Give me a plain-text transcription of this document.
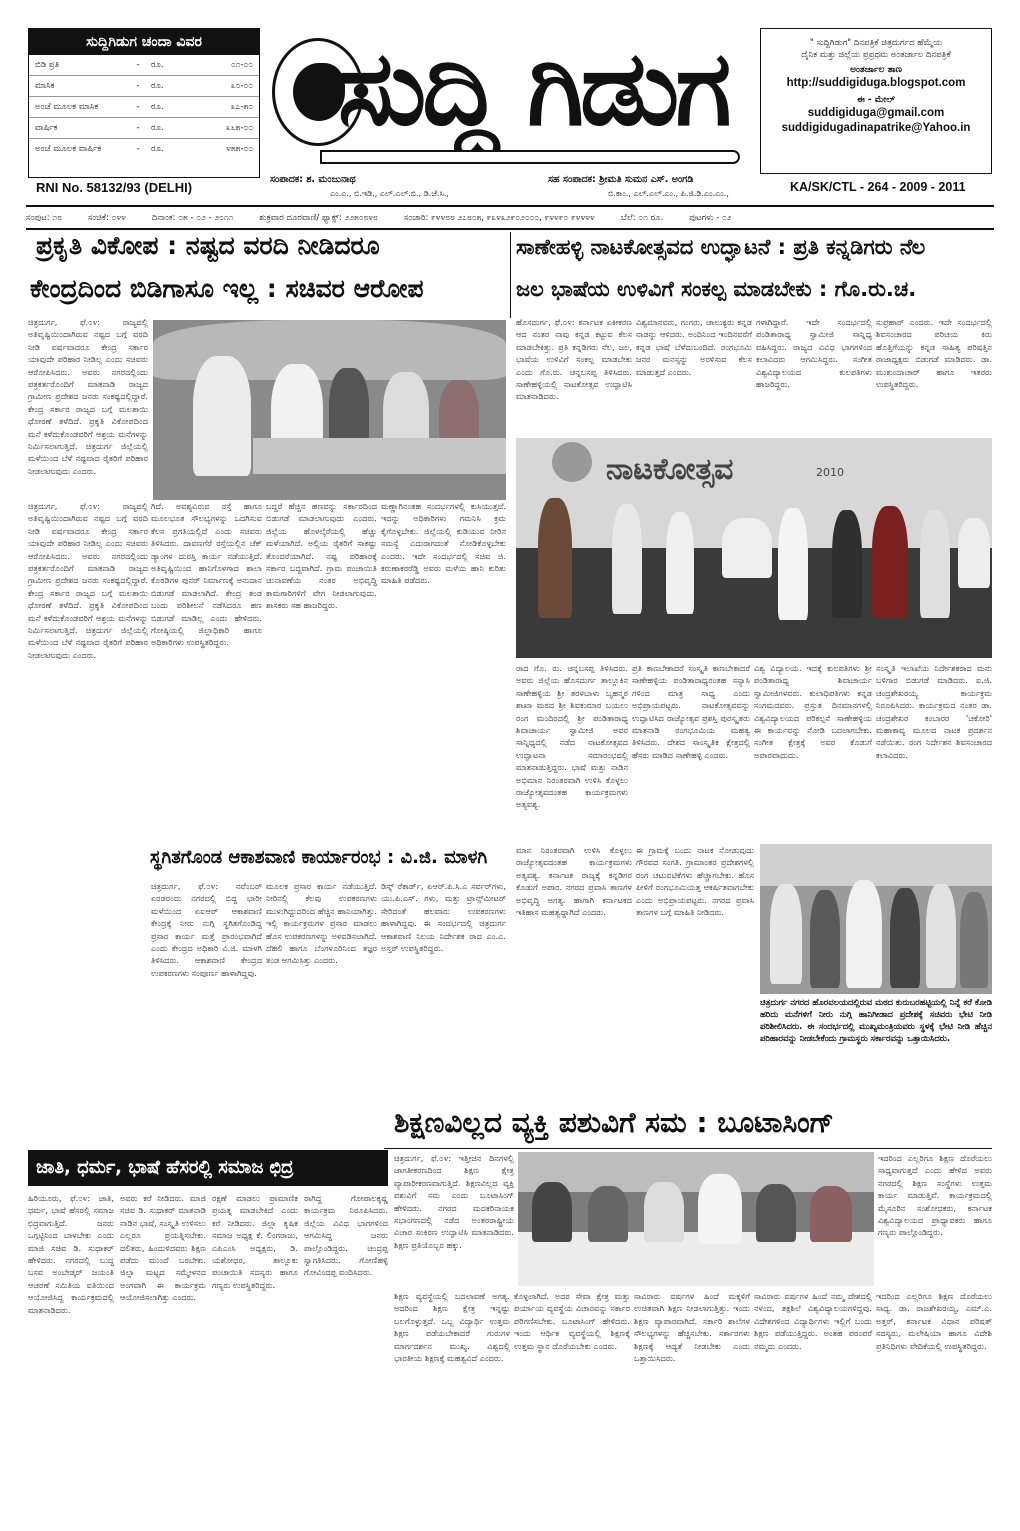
ಸುದ್ದಿಗಿಡುಗ ಚಂದಾ ವಿವರ
ಬಿಡಿ ಪ್ರತಿ	-	ರೂ.	೦೧-೦೦
ಮಾಸಿಕ	-	ರೂ.	೩೦-೦೦
ಅಂಚೆ ಮೂಲಕ ಮಾಸಿಕ	-	ರೂ.	೩೭-೫೦
ವಾರ್ಷಿಕ	-	ರೂ.	೩೬೫-೦೦
ಅಂಚೆ ಮೂಲಕ ವಾರ್ಷಿಕ	-	ರೂ.	೪೫೫-೦೦ ಸುದ್ದಿ ಗಿಡುಗ	" ಸುದ್ದಿಗಿಡುಗ" ದಿನಪತ್ರಿಕೆ ಚಿತ್ರದುರ್ಗದ ಹೆಮ್ಮೆಯ
ದೈನಿಕ ಮತ್ತು ಜಿಲ್ಲೆಯ ಪ್ರಪ್ರಥಮ ಅಂತರ್ಜಾಲ ದಿನಪತ್ರಿಕೆ
ಅಂತರ್ಜಾಲ ತಾಣ
http://suddigiduga.blogspot.com
ಈ - ಮೇಲ್
suddigiduga@gmail.com
suddigidugadinapatrike@Yahoo.in
RNI No. 58132/93 (DELHI)
ಸಂಪಾದಕ: ಶ. ಮಂಜುನಾಥ
ಎಂ.ಎ., ಬಿ.ಇಡಿ., ಎಲ್.ಎಲ್.ಬಿ., ಡಿ.ಜೆ.ಸಿ.,
ಸಹ ಸಂಪಾದಕ: ಶ್ರೀಮತಿ ಸುಮನ ಎಸ್. ಅಂಗಡಿ
ಬಿ.ಕಾಂ., ಎಲ್.ಎಲ್.ಎಂ., ಪಿ.ಜಿ.ಡಿ.ಎಂ.ಎಂ.,	KA/SK/CTL - 264 - 2009 - 2011
ಸಂಪುಟ: ೧೮	ಸಂಚಿಕೆ: ೦೪೪	ದಿನಾಂಕ: ೦೫ - ೦೨ - ೨೦೧೧	ಶುಕ್ರವಾರ ದೂರವಾಣಿ/ ಫ್ಯಾಕ್ಸ್: ೨೨೫೦೮೪೮	ಸಂಚಾರಿ: ೯೪೪೮೮ ೨೭೮೦೫, ೯೩೪೩೨೯೦೨೦೦೦, ೯೪೪೯೦ ೯೪೪೪೪	ಬೆಲೆ: ೦೧ ರೂ.	ಪುಟಗಳು - ೦೨
ಪ್ರಕೃತಿ ವಿಕೋಪ : ನಷ್ಟದ ವರದಿ ನೀಡಿದರೂ
ಕೇಂದ್ರದಿಂದ ಬಿಡಿಗಾಸೂ ಇಲ್ಲ : ಸಚಿವರ ಆರೋಪ
ಸಾಣೇಹಳ್ಳಿ ನಾಟಕೋತ್ಸವದ ಉದ್ಘಾಟನೆ : ಪ್ರತಿ ಕನ್ನಡಿಗರು ನೆಲ
ಜಲ ಭಾಷೆಯ ಉಳಿವಿಗೆ ಸಂಕಲ್ಪ ಮಾಡಬೇಕು : ಗೊ.ರು.ಚ.
ಚಿತ್ರದುರ್ಗ, ಫೆ.೦೪: ರಾಜ್ಯದಲ್ಲಿ ಅತಿವೃಷ್ಟಿಯಿಂದಾಗಿರುವ ನಷ್ಟದ ಬಗ್ಗೆ ವರದಿ ನೀಡಿ ವರ್ಷವಾದರೂ ಕೇಂದ್ರ ಸರ್ಕಾರ ಯಾವುದೇ ಪರಿಹಾರ ನೀಡಿಲ್ಲ ಎಂದು ಸಚಿವರು ಆರೋಪಿಸಿದರು. ಅವರು ನಗರದಲ್ಲಿಂದು ಪತ್ರಕರ್ತರೊಂದಿಗೆ ಮಾತನಾಡಿ ರಾಜ್ಯದ ಗ್ರಾಮೀಣ ಪ್ರದೇಶದ ಜನರು ಸಂಕಷ್ಟದಲ್ಲಿದ್ದಾರೆ. ಕೇಂದ್ರ ಸರ್ಕಾರ ರಾಜ್ಯದ ಬಗ್ಗೆ ಮಲತಾಯಿ ಧೋರಣೆ ತಳೆದಿದೆ. ಪ್ರಕೃತಿ ವಿಕೋಪದಿಂದ ಮನೆ ಕಳೆದುಕೊಂಡವರಿಗೆ ಆಶ್ರಯ ಮನೆಗಳನ್ನು ನಿರ್ಮಿಸಲಾಗುತ್ತಿದೆ. ಚಿತ್ರದುರ್ಗ ಜಿಲ್ಲೆಯಲ್ಲಿ ಮಳೆಯಿಂದ ಬೆಳೆ ನಷ್ಟವಾದ ರೈತರಿಗೆ ಪರಿಹಾರ ನೀಡಲಾಗುವುದು ಎಂದರು.
ಚಿತ್ರದುರ್ಗ, ಫೆ.೦೪: ರಾಜ್ಯದಲ್ಲಿ ಅತಿವೃಷ್ಟಿಯಿಂದಾಗಿರುವ ನಷ್ಟದ ಬಗ್ಗೆ ವರದಿ ನೀಡಿ ವರ್ಷವಾದರೂ ಕೇಂದ್ರ ಸರ್ಕಾರ ಯಾವುದೇ ಪರಿಹಾರ ನೀಡಿಲ್ಲ ಎಂದು ಸಚಿವರು ಆರೋಪಿಸಿದರು. ಅವರು ನಗರದಲ್ಲಿಂದು ಪತ್ರಕರ್ತರೊಂದಿಗೆ ಮಾತನಾಡಿ ರಾಜ್ಯದ ಗ್ರಾಮೀಣ ಪ್ರದೇಶದ ಜನರು ಸಂಕಷ್ಟದಲ್ಲಿದ್ದಾರೆ. ಕೇಂದ್ರ ಸರ್ಕಾರ ರಾಜ್ಯದ ಬಗ್ಗೆ ಮಲತಾಯಿ ಧೋರಣೆ ತಳೆದಿದೆ. ಪ್ರಕೃತಿ ವಿಕೋಪದಿಂದ ಮನೆ ಕಳೆದುಕೊಂಡವರಿಗೆ ಆಶ್ರಯ ಮನೆಗಳನ್ನು ನಿರ್ಮಿಸಲಾಗುತ್ತಿದೆ. ಚಿತ್ರದುರ್ಗ ಜಿಲ್ಲೆಯಲ್ಲಿ ಮಳೆಯಿಂದ ಬೆಳೆ ನಷ್ಟವಾದ ರೈತರಿಗೆ ಪರಿಹಾರ ನೀಡಲಾಗುವುದು ಎಂದರು.
ಗಿದೆ. ಅವಶ್ಯವಿರುವ ರಸ್ತೆ ಹಾಗೂ ಮೂಲಭೂತ ಸೌಲಭ್ಯಗಳನ್ನು ಒದಗಿಸುವ ಕೆಲಸ ಪ್ರಗತಿಯಲ್ಲಿದೆ ಎಂದು ಸಚಿವರು ತಿಳಿಸಿದರು. ದಾವಣಗೆರೆ ರಸ್ತೆಯಲ್ಲಿನ ಚೆಕ್ ಡ್ಯಾಂಗಳ ದುರಸ್ತಿ ಕಾರ್ಯ ನಡೆಯುತ್ತಿದೆ. ಅತಿವೃಷ್ಟಿಯಿಂದ ಹಾನಿಗೊಳಗಾದ ಶಾಲಾ ಕೊಠಡಿಗಳ ಪುನರ್ ನಿರ್ಮಾಣಕ್ಕೆ ಅನುದಾನ ಬಿಡುಗಡೆ ಮಾಡಲಾಗಿದೆ. ಕೇಂದ್ರ ತಂಡ ಬಂದು ಪರಿಶೀಲನೆ ನಡೆಸಿದರೂ ಹಣ ಬಿಡುಗಡೆ ಮಾಡಿಲ್ಲ ಎಂದು ಹೇಳಿದರು. ಗೋಷ್ಠಿಯಲ್ಲಿ ಜಿಲ್ಲಾಧಿಕಾರಿ ಹಾಗೂ ಅಧಿಕಾರಿಗಳು ಉಪಸ್ಥಿತರಿದ್ದರು.
ಬದ್ದರೆ ಹೆಚ್ಚಿನ ಹಣವನ್ನು ಸರ್ಕಾರದಿಂದ ಬಿಡುಗಡೆ ಮಾಡಲಾಗುವುದು ಎಂದರು. ಜಿಲ್ಲೆಯ ಹೊಳಲ್ಕೆರೆಯಲ್ಲಿ ಹೆಚ್ಚು ಮಳೆಯಾಗಿದೆ. ಅಲ್ಲಿಯ ರೈತರಿಗೆ ಸಾಕಷ್ಟು ತೊಂದರೆಯಾಗಿದೆ. ನಷ್ಟ ಪರಿಹಾರಕ್ಕೆ ಸರ್ಕಾರ ಬದ್ಧವಾಗಿದೆ. ಗ್ರಾಮ ಪಂಚಾಯಿತಿ ಚುನಾವಣೆಯ ನಂತರ ಅಭಿವೃದ್ಧಿ ಕಾಮಗಾರಿಗಳಿಗೆ ವೇಗ ನೀಡಲಾಗುವುದು. ಶಾಸಕರು ಸಹ ಹಾಜರಿದ್ದರು.
ಮಣ್ಣಾಗಿನಂತಹ ಸಂದರ್ಭಗಳಲ್ಲಿ ಕುಸಿಯುತ್ತದೆ. ಇದನ್ನು ಅಧಿಕಾರಿಗಳು ಗಮನಿಸಿ ಕ್ರಮ ಕೈಗೊಳ್ಳಬೇಕು. ಜಿಲ್ಲೆಯಲ್ಲಿ ಕುಡಿಯುವ ನೀರಿನ ಸಮಸ್ಯೆ ಎದುರಾಗದಂತೆ ನೋಡಿಕೊಳ್ಳಬೇಕು ಎಂದರು. ಇದೇ ಸಂದರ್ಭದಲ್ಲಿ ಸಚಿವ ಜಿ. ಕರುಣಾಕರರೆಡ್ಡಿ ಅವರು ಮಳೆಯ ಹಾನಿ ಕುರಿತು ಮಾಹಿತಿ ಪಡೆದರು.
ಸ್ಥಗಿತಗೊಂಡ ಆಕಾಶವಾಣಿ ಕಾರ್ಯಾರಂಭ : ವಿ.ಜಿ. ಮಾಳಗಿ
ಚಿತ್ರದುರ್ಗ, ಫೆ.೦೪: ನವೆಂಬರ್ ಏರಡರಂದು ನಗರದಲ್ಲಿ ಬಿದ್ದ ಭಾರೀ ಮಳೆಯಿಂದ ಏಐಆರ್ ಆಕಾಶವಾಣಿ ಕೇಂದ್ರಕ್ಕೆ ನೀರು ನುಗ್ಗಿ ಸ್ಥಗಿತಗೊಂಡಿದ್ದ ಪ್ರಸಾರ ಕಾರ್ಯ ಮತ್ತೆ ಪ್ರಾರಂಭವಾಗಿದೆ ಎಂದು ಕೇಂದ್ರದ ಅಧಿಕಾರಿ ವಿ.ಜಿ. ಮಾಳಗಿ ತಿಳಿಸಿದರು. ಆಕಾಶವಾಣಿ ಕೇಂದ್ರದ ಉಪಕರಣಗಳು ಸಂಪೂರ್ಣ ಹಾಳಾಗಿದ್ದವು.
ಮೂಲಕ ಪ್ರಸಾರ ಕಾರ್ಯ ನಡೆಯುತ್ತಿದೆ. ನೀರಿನಲ್ಲಿ ಕೆಲವು ಉಪಕರಣಗಳು ಮುಳುಗಿದ್ದುದರಿಂದ ಹೆಚ್ಚಿನ ಹಾನಿಯಾಗಿತ್ತು. ಇಲ್ಲಿ ಕಾರ್ಯಕ್ರಮಗಳ ಪ್ರಸಾರ ಮಾಡಲು ಹೊಸ ಉಪಕರಣಗಳನ್ನು ಅಳವಡಿಸಲಾಗಿದೆ. ದೆಹಲಿ ಹಾಗೂ ಬೆಂಗಳೂರಿನಿಂದ ತಜ್ಞರ ತಂಡ ಆಗಮಿಸಿತ್ತು ಎಂದರು.
ಡಿಸ್ಕ್ ರೆಕಾರ್ಡ್, ಏಆರ್.ಪಿ.ಸಿ.ಎ ಸರ್ವರ್‌ಗಳು, ಯು.ಪಿ.ಎಸ್. ಗಳು, ಮತ್ತು ಟ್ರಾನ್ಸ್‌ಮೀಟರ್ ಸೇರಿದಂತೆ ಹಲವಾರು ಉಪಕರಣಗಳು ಹಾಳಾಗಿದ್ದವು. ಈ ಸಂದರ್ಭದಲ್ಲಿ ಚಿತ್ರದುರ್ಗ ಆಕಾಶವಾಣಿ ನಿಲಯ ನಿರ್ದೇಶಕ ರಾದ ಎಂ.ಎ. ಅಸ್ತರ್ ಉಪಸ್ಥಿತರಿದ್ದರು.
ಹೊಸದುರ್ಗ, ಫೆ.೦೪: ಕರ್ನಾಟಕ ಏಕೀಕರಣ ಆದ ನಂತರ ನಾವು ಕನ್ನಡ ಕಟ್ಟುವ ಕೆಲಸ ಮಾಡಬೇಕಿತ್ತು. ಪ್ರತಿ ಕನ್ನಡಿಗರು ನೆಲ, ಜಲ, ಭಾಷೆಯ ಉಳಿವಿಗೆ ಸಂಕಲ್ಪ ಮಾಡಬೇಕು ಎಂದು ಗೊ.ರು. ಚನ್ನಬಸಪ್ಪ ತಿಳಿಸಿದರು. ಸಾಣೇಹಳ್ಳಿಯಲ್ಲಿ ನಾಟಕೋತ್ಸವ ಉದ್ಘಾಟಿಸಿ ಮಾತನಾಡಿದರು.
ವಿಶ್ವಮಾನವರು, ಗಂಗರು, ಚಾಲುಕ್ಯರು ಕನ್ನಡ ನಾಡನ್ನು ಆಳಿದರು. ಅಂದಿನಿಂದ ಇಂದಿನವರೆಗೆ ಕನ್ನಡ ಭಾಷೆ ಬೆಳೆದುಬಂದಿದೆ. ರಂಗಭೂಮಿ ಜನರ ಮನಸ್ಸನ್ನು ಅರಳಿಸುವ ಕೆಲಸ ಮಾಡುತ್ತದೆ ಎಂದರು.
ಗಳಾಗಿದ್ದಾರೆ. ಇದೇ ಸಂದರ್ಭದಲ್ಲಿ ಪಂಡಿತಾರಾಧ್ಯ ಸ್ವಾಮೀಜಿ ಸಾನ್ನಿಧ್ಯ ವಹಿಸಿದ್ದರು. ರಾಜ್ಯದ ವಿವಿಧ ಭಾಗಗಳಿಂದ ಕಲಾವಿದರು ಆಗಮಿಸಿದ್ದರು. ಸಂಗೀತ ವಿಶ್ವವಿದ್ಯಾಲಯದ ಕುಲಪತಿಗಳು ಹಾಜರಿದ್ದರು.
ಸುಪ್ರಹಾರ್ ಎಂದರು. ಇದೇ ಸಂದರ್ಭದಲ್ಲಿ ಶಿವಸಂಚಾರದ ಪರಿಚಯ ಕಿರು ಹೊತ್ತಿಗೆಯನ್ನು ಕನ್ನಡ ಸಾಹಿತ್ಯ ಪರಿಷತ್ತಿನ ರಾಜಾಧ್ಯಕ್ಷರು ಬಿಡುಗಡೆ ಮಾಡಿದರು. ಡಾ. ಮುಕುಂದಾಚಾರ್ ಹಾಗೂ ಇತರರು ಉಪಸ್ಥಿತರಿದ್ದರು.
ನಾಟಕೋತ್ಸವ	2010
ರಾದ ಗೊ. ರು. ಚನ್ನಬಸಪ್ಪ ತಿಳಿಸಿದರು. ಅವರು ಜಿಲ್ಲೆಯ ಹೊಸದುರ್ಗ ತಾಲ್ಲೂಕಿನ ಸಾಣೇಹಳ್ಳಿಯ ಶ್ರೀ ತರಳಬಾಳು ಬೃಹನ್ಮಠ ಶಾಖಾ ಮಠದ ಶ್ರೀ ಶಿವಕುಮಾರ ಬಯಲು ರಂಗ ಮಂದಿರದಲ್ಲಿ ಶ್ರೀ ಪಂಡಿತಾರಾಧ್ಯ ಶಿವಾಚಾರ್ಯ ಸ್ವಾಮೀಜಿ ಅವರ ಸಾನ್ನಿಧ್ಯದಲ್ಲಿ ನಡೆದ ನಾಟಕೋತ್ಸವದ ಉದ್ಘಾಟನಾ ಸಮಾರಂಭದಲ್ಲಿ ಮಾತನಾಡುತ್ತಿದ್ದರು. ಭಾಷೆ ಮತ್ತು ನಾಡಿನ ಅಭಿಮಾನ ನಿರಂತರವಾಗಿ ಉಳಿಸಿ ಕೊಳ್ಳಲು ರಾಜ್ಯೋತ್ಸವದಂತಹ ಕಾರ್ಯಕ್ರಮಗಳು ಅತ್ಯವಶ್ಯ.
ಪ್ರತಿ ಕಾಣಬೇಕಾದರೆ ಸಂಸ್ಕೃತಿ ಕಾಣಬೇಕಾದರೆ ಸಾಣೇಹಳ್ಳಿಯ ಪಂಡಿತಾರಾಧ್ಯರಂತಹ ಸನ್ಯಾಸಿ ಗಳಿಂದ ಮಾತ್ರ ಸಾಧ್ಯ ಎಂದು ಅಭಿಪ್ರಾಯಪಟ್ಟರು. ನಾಟಕೋತ್ಸವವನ್ನು ಉದ್ಘಾಟಿಸಿದ ರಾಜ್ಯೋತ್ಸವ ಪ್ರಶಸ್ತಿ ಪುರಸ್ಕೃತರು ಮಾತನಾಡಿ ರಂಗಭೂಮಿಯ ಮಹತ್ವ ತಿಳಿಸಿದರು. ದೇಶದ ಸಾಂಸ್ಕೃತಿಕ ಕ್ಷೇತ್ರದಲ್ಲಿ ಹೆಸರು ಮಾಡಿದ ಸಾಣೇಹಳ್ಳಿ ಎಂದರು.
ವಿಶ್ವ ವಿದ್ಯಾಲಯ. ಇದಕ್ಕೆ ಕುಲಪತಿಗಳು ಶ್ರೀ ಪಂಡಿತಾರಾಧ್ಯ ಶಿವಾಚಾರ್ಯ ಸ್ವಾಮೀಜಿಗಳವರು. ಕುಲಾಧಿಪತಿಗಳು ಕನ್ನಡ ಸಂಗಮದವರು. ಪ್ರಸ್ತುತ ದಿನಮಾನಗಳಲ್ಲಿ ವಿಶ್ವವಿದ್ಯಾಲಯದ ಪರಿಕಲ್ಪನೆ ಸಾಣೇಹಳ್ಳಿಯ ಈ ಕಾರ್ಯವನ್ನು ನೋಡಿ ಬದಲಾಗಬೇಕು. ಸಂಗೀತ ಕ್ಷೇತ್ರಕ್ಕೆ ಅವರ ಕೊಡುಗೆ ಅಪಾರವಾದುದು.
ಸಂಸ್ಕೃತಿ ಇಲಾಖೆಯ ನಿರ್ದೇಶಕರಾದ ಮನು ಬಳಿಗಾರ ಬಿಡುಗಡೆ ಮಾಡಿದರು. ಐ.ಜಿ. ಚಂದ್ರಶೇಖರಯ್ಯ ಕಾರ್ಯಕ್ರಮ ನಿರೂಪಿಸಿದರು. ಕಾರ್ಯಕ್ರಮದ ನಂತರ ಡಾ. ಚಂದ್ರಶೇಖರ ಕಂಬಾರರ 'ಚಕೋರಿ' ಮಹಾಕಾವ್ಯ ಮೂಲದ ನಾಟಕ ಪ್ರದರ್ಶನ ನಡೆಯಿತು. ರಂಗ ನಿರ್ದೇಶನ ಶಿವಸಂಚಾರದ ಕಲಾವಿದರು.
ಮಾನ ನಿರಂತರವಾಗಿ ಉಳಿಸಿ ಕೊಳ್ಳಲು ರಾಜ್ಯೋತ್ಸವದಂತಹ ಕಾರ್ಯಕ್ರಮಗಳು ಅತ್ಯವಶ್ಯ. ಕರ್ನಾಟಕ ರಾಜ್ಯಕ್ಕೆ ಕನ್ನಡಿಗರ ಕೊಡುಗೆ ಅಪಾರ. ನಗರದ ಪ್ರವಾಸಿ ತಾಣಗಳ ಅಭಿವೃದ್ಧಿ ಅಗತ್ಯ. ಹಾಗಾಗಿ ಕರ್ನಾಟಕದ ಇತಿಹಾಸ ಮಹತ್ವದ್ದಾಗಿದೆ ಎಂದರು.
ಈ ಗ್ರಾಮಕ್ಕೆ ಬಂದು ನಾಟಕ ನೋಡುವುದು ಗೌರವದ ಸಂಗತಿ. ಗ್ರಾಮಾಂತರ ಪ್ರದೇಶಗಳಲ್ಲಿ ರಂಗ ಚಟುವಟಿಕೆಗಳು ಹೆಚ್ಚಾಗಬೇಕು. ಹೊಸ ಪೀಳಿಗೆ ರಂಗಭೂಮಿಯತ್ತ ಆಕರ್ಷಿತವಾಗಬೇಕು ಎಂದು ಅಭಿಪ್ರಾಯಪಟ್ಟರು. ನಗರದ ಪ್ರವಾಸಿ ತಾಣಗಳ ಬಗ್ಗೆ ಮಾಹಿತಿ ನೀಡಿದರು.
ಚಿತ್ರದುರ್ಗ ನಗರದ ಹೊರವಲಯದಲ್ಲಿರುವ ಮಠದ ಕುರುಬರಹಟ್ಟಿಯಲ್ಲಿ ನಿನ್ನೆ ಕರೆ ಕೋಡಿ ಹರಿದು ಮನೆಗಳಿಗೆ ನೀರು ನುಗ್ಗಿ ಹಾನಿಗೀಡಾದ ಪ್ರದೇಶಕ್ಕೆ ಸಚಿವರು ಭೇಟಿ ನೀಡಿ ಪರಿಶೀಲಿಸಿದರು. ಈ ಸಂದರ್ಭದಲ್ಲಿ ಮುಖ್ಯಮಂತ್ರಿಯವರು ಸ್ಥಳಕ್ಕೆ ಭೇಟಿ ನೀಡಿ ಹೆಚ್ಚಿನ ಪರಿಹಾರವನ್ನು ನೀಡಬೇಕೆಂದು ಗ್ರಾಮಸ್ಥರು ಸರ್ಕಾರವನ್ನು ಒತ್ತಾಯಿಸಿದರು.
ಶಿಕ್ಷಣವಿಲ್ಲದ ವ್ಯಕ್ತಿ ಪಶುವಿಗೆ ಸಮ : ಬೂಟಾಸಿಂಗ್
ಚಿತ್ರದುರ್ಗ, ಫೆ.೦೪: ಇತ್ತೀಚಿನ ದಿನಗಳಲ್ಲಿ ಜಾಗತೀಕರಣದಿಂದ ಶಿಕ್ಷಣ ಕ್ಷೇತ್ರ ವ್ಯಾಪಾರೀಕರಣವಾಗುತ್ತಿದೆ. ಶಿಕ್ಷಣವಿಲ್ಲದ ವ್ಯಕ್ತಿ ಪಶುವಿಗೆ ಸಮ ಎಂದು ಬೂಟಾಸಿಂಗ್ ಹೇಳಿದರು. ನಗರದ ಮದಕರಿನಾಯಕ ಸಭಾಂಗಣದಲ್ಲಿ ನಡೆದ ಅಂತರರಾಷ್ಟ್ರೀಯ ವಿಚಾರ ಸಂಕಿರಣ ಉದ್ಘಾಟಿಸಿ ಮಾತನಾಡಿದರು. ಶಿಕ್ಷಣ ಪ್ರತಿಯೊಬ್ಬರ ಹಕ್ಕು.
ಇದರಿಂದ ಎಲ್ಲರಿಗೂ ಶಿಕ್ಷಣ ದೊರೆಯಲು ಸಾಧ್ಯವಾಗುತ್ತದೆ ಎಂದು ಹೇಳಿದ ಅವರು ನಗರದಲ್ಲಿ ಶಿಕ್ಷಣ ಸಂಸ್ಥೆಗಳು ಉತ್ತಮ ಕಾರ್ಯ ಮಾಡುತ್ತಿವೆ. ಕಾರ್ಯಕ್ರಮದಲ್ಲಿ ಮೈಸೂರಿನ ಸಂಶೋಧಕರು, ಕರ್ನಾಟಕ ವಿಶ್ವವಿದ್ಯಾಲಯದ ಪ್ರಾಧ್ಯಾಪಕರು ಹಾಗೂ ಗಣ್ಯರು ಪಾಲ್ಗೊಂಡಿದ್ದರು.
ಶಿಕ್ಷಣ ವ್ಯವಸ್ಥೆಯಲ್ಲಿ ಬದಲಾವಣೆ ಅಗತ್ಯ. ಅದರಿಂದ ಶಿಕ್ಷಣ ಕ್ಷೇತ್ರ ಇನ್ನಷ್ಟು ಬಲಗೊಳ್ಳುತ್ತದೆ. ಒಬ್ಬ ವಿದ್ಯಾರ್ಥಿ ಉತ್ತಮ ಶಿಕ್ಷಣ ಪಡೆಯಬೇಕಾದರೆ ಗುರುಗಳ ಮಾರ್ಗದರ್ಶನ ಮುಖ್ಯ. ವಿಶ್ವದಲ್ಲಿ ಭಾರತೀಯ ಶಿಕ್ಷಣಕ್ಕೆ ಮಹತ್ವವಿದೆ ಎಂದರು.
ಕೊಳ್ಳಲಾಗಿದೆ. ಅದರ ಸೇವಾ ಕ್ಷೇತ್ರ ಮತ್ತು ಪರ್ಯಾಯ ವ್ಯವಸ್ಥೆಯ ವಿಚಾರವನ್ನು ಸರ್ಕಾರ ಪರಿಗಣಿಸಬೇಕು. ಬೂಟಾಸಿಂಗ್ ಹೇಳಿದರು. ಇಂದು ಆರ್ಥಿಕ ವ್ಯವಸ್ಥೆಯಲ್ಲಿ ಶಿಕ್ಷಣಕ್ಕೆ ಉತ್ತಮ ಸ್ಥಾನ ದೊರೆಯಬೇಕು ಎಂದರು.
ಸಾವಿರಾರು ವರ್ಷಗಳ ಹಿಂದೆ ಮಕ್ಕಳಿಗೆ ಉಚಿತವಾಗಿ ಶಿಕ್ಷಣ ನೀಡಲಾಗುತ್ತಿತ್ತು. ಇಂದು ಶಿಕ್ಷಣ ವ್ಯಾಪಾರವಾಗಿದೆ. ಸರ್ಕಾರಿ ಶಾಲೆಗಳ ಸೌಲಭ್ಯಗಳನ್ನು ಹೆಚ್ಚಿಸಬೇಕು. ಸರ್ಕಾರಗಳು ಶಿಕ್ಷಣಕ್ಕೆ ಆದ್ಯತೆ ನೀಡಬೇಕು ಎಂದು ಒತ್ತಾಯಿಸಿದರು.
ಸಾವಿರಾರು ವರ್ಷಗಳ ಹಿಂದೆ ನಮ್ಮ ದೇಶದಲ್ಲಿ ನಳಂದ, ತಕ್ಷಶಿಲೆ ವಿಶ್ವವಿದ್ಯಾಲಯಗಳಿದ್ದವು. ವಿದೇಶಗಳಿಂದ ವಿದ್ಯಾರ್ಥಿಗಳು ಇಲ್ಲಿಗೆ ಬಂದು ಶಿಕ್ಷಣ ಪಡೆಯುತ್ತಿದ್ದರು. ಅಂತಹ ಪರಂಪರೆ ನಮ್ಮದು ಎಂದರು.
ಇದರಿಂದ ಎಲ್ಲರಿಗೂ ಶಿಕ್ಷಣ ದೊರೆಯಲು ಸಾಧ್ಯ. ಡಾ. ರಾಜಶೇಖರಯ್ಯ, ಎಮ್.ಎ. ಅತ್ತರ್, ಕರ್ನಾಟಕ ವಿಧಾನ ಪರಿಷತ್ ಸದಸ್ಯರು, ಮಲೇಷಿಯಾ ಹಾಗೂ ವಿದೇಶಿ ಪ್ರತಿನಿಧಿಗಳು ವೇದಿಕೆಯಲ್ಲಿ ಉಪಸ್ಥಿತರಿದ್ದರು.
ಜಾತಿ, ಧರ್ಮ, ಭಾಷೆ ಹೆಸರಲ್ಲಿ ಸಮಾಜ ಛಿದ್ರ
ಹಿರಿಯೂರು, ಫೆ.೦೪: ಜಾತಿ, ಧರ್ಮ, ಭಾಷೆ ಹೆಸರಲ್ಲಿ ಸಮಾಜ ಛಿದ್ರವಾಗುತ್ತಿದೆ. ಜನರು ಒಗ್ಗಟ್ಟಿನಿಂದ ಬಾಳಬೇಕು ಎಂದು ಮಾಜಿ ಸಚಿವ ಡಿ. ಸುಧಾಕರ್ ಹೇಳಿದರು. ನಗರದಲ್ಲಿ ಬುದ್ಧ ಬಸವ ಅಂಬೇಡ್ಕರ್ ಜಯಂತಿ ಆಚರಣೆ ಸಮಿತಿಯ ವತಿಯಿಂದ ಆಯೋಜಿಸಿದ್ದ ಕಾರ್ಯಕ್ರಮದಲ್ಲಿ ಮಾತನಾಡಿದರು.
ಅವರು ಕರೆ ನೀಡಿದರು. ಮಾಜಿ ಸಚಿವ ಡಿ. ಸುಧಾಕರ್ ಮಾತನಾಡಿ ನಾಡಿನ ಭಾಷೆ, ಸಂಸ್ಕೃತಿ ಉಳಿಸಲು ಎಲ್ಲರೂ ಪ್ರಯತ್ನಿಸಬೇಕು. ದಲಿತರು, ಹಿಂದುಳಿದವರು ಶಿಕ್ಷಣ ಪಡೆದು ಮುಂದೆ ಬರಬೇಕು. ಜಿಲ್ಲಾ ಮಟ್ಟದ ಸಮ್ಮೇಳನದ ಅಂಗವಾಗಿ ಈ ಕಾರ್ಯಕ್ರಮ ಆಯೋಜಿಸಲಾಗಿತ್ತು ಎಂದರು.
ರಕ್ಷಣೆ ಮಾಡಲು ಪ್ರಾಮಾಣಿಕ ಪ್ರಯತ್ನ ಮಾಡಬೇಕಿದೆ ಎಂದು ಕರೆ ನೀಡಿದರು. ಜಿಲ್ಲಾ ಕೃಷಿಕ ಸಮಾಜ ಅಧ್ಯಕ್ಷ ಕೆ. ಲಿಂಗರಾಜು, ಎಪಿಎಂಸಿ ಅಧ್ಯಕ್ಷರು, ಡಿ. ಯಶೋಧರ, ತಾಲ್ಲೂಕು ಪಂಚಾಯಿತಿ ಸದಸ್ಯರು ಹಾಗೂ ಗಣ್ಯರು ಉಪಸ್ಥಿತರಿದ್ದರು.
ರಾಗಿದ್ದ ಗೋಪಾಲಕೃಷ್ಣ ಕಾರ್ಯಕ್ರಮ ನಿರೂಪಿಸಿದರು. ಜಿಲ್ಲೆಯ ವಿವಿಧ ಭಾಗಗಳಿಂದ ಆಗಮಿಸಿದ್ದ ಜನರು ಪಾಲ್ಗೊಂಡಿದ್ದರು. ಚಂದ್ರಪ್ಪ ಸ್ವಾಗತಿಸಿದರು. ಗೋಣಿಹಳ್ಳಿ ಗೋವಿಂದಪ್ಪ ವಂದಿಸಿದರು.
